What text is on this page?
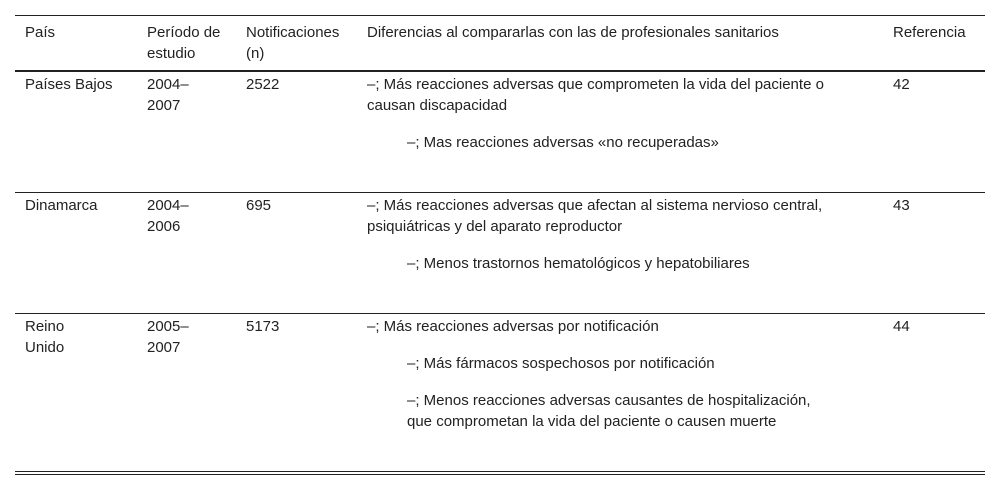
País	Período de estudio	Notificaciones (n)	Diferencias al compararlas con las de profesionales sanitarios	Referencia
Países Bajos	2004–2007	2522	–; Más reacciones adversas que comprometen la vida del paciente o causan discapacidad

–; Mas reacciones adversas «no recuperadas»	42
Dinamarca	2004–2006	695	–; Más reacciones adversas que afectan al sistema nervioso central, psiquiátricas y del aparato reproductor

–; Menos trastornos hematológicos y hepatobiliares	43
Reino Unido	2005–2007	5173	–; Más reacciones adversas por notificación

–; Más fármacos sospechosos por notificación

–; Menos reacciones adversas causantes de hospitalización, que comprometan la vida del paciente o causen muerte	44
